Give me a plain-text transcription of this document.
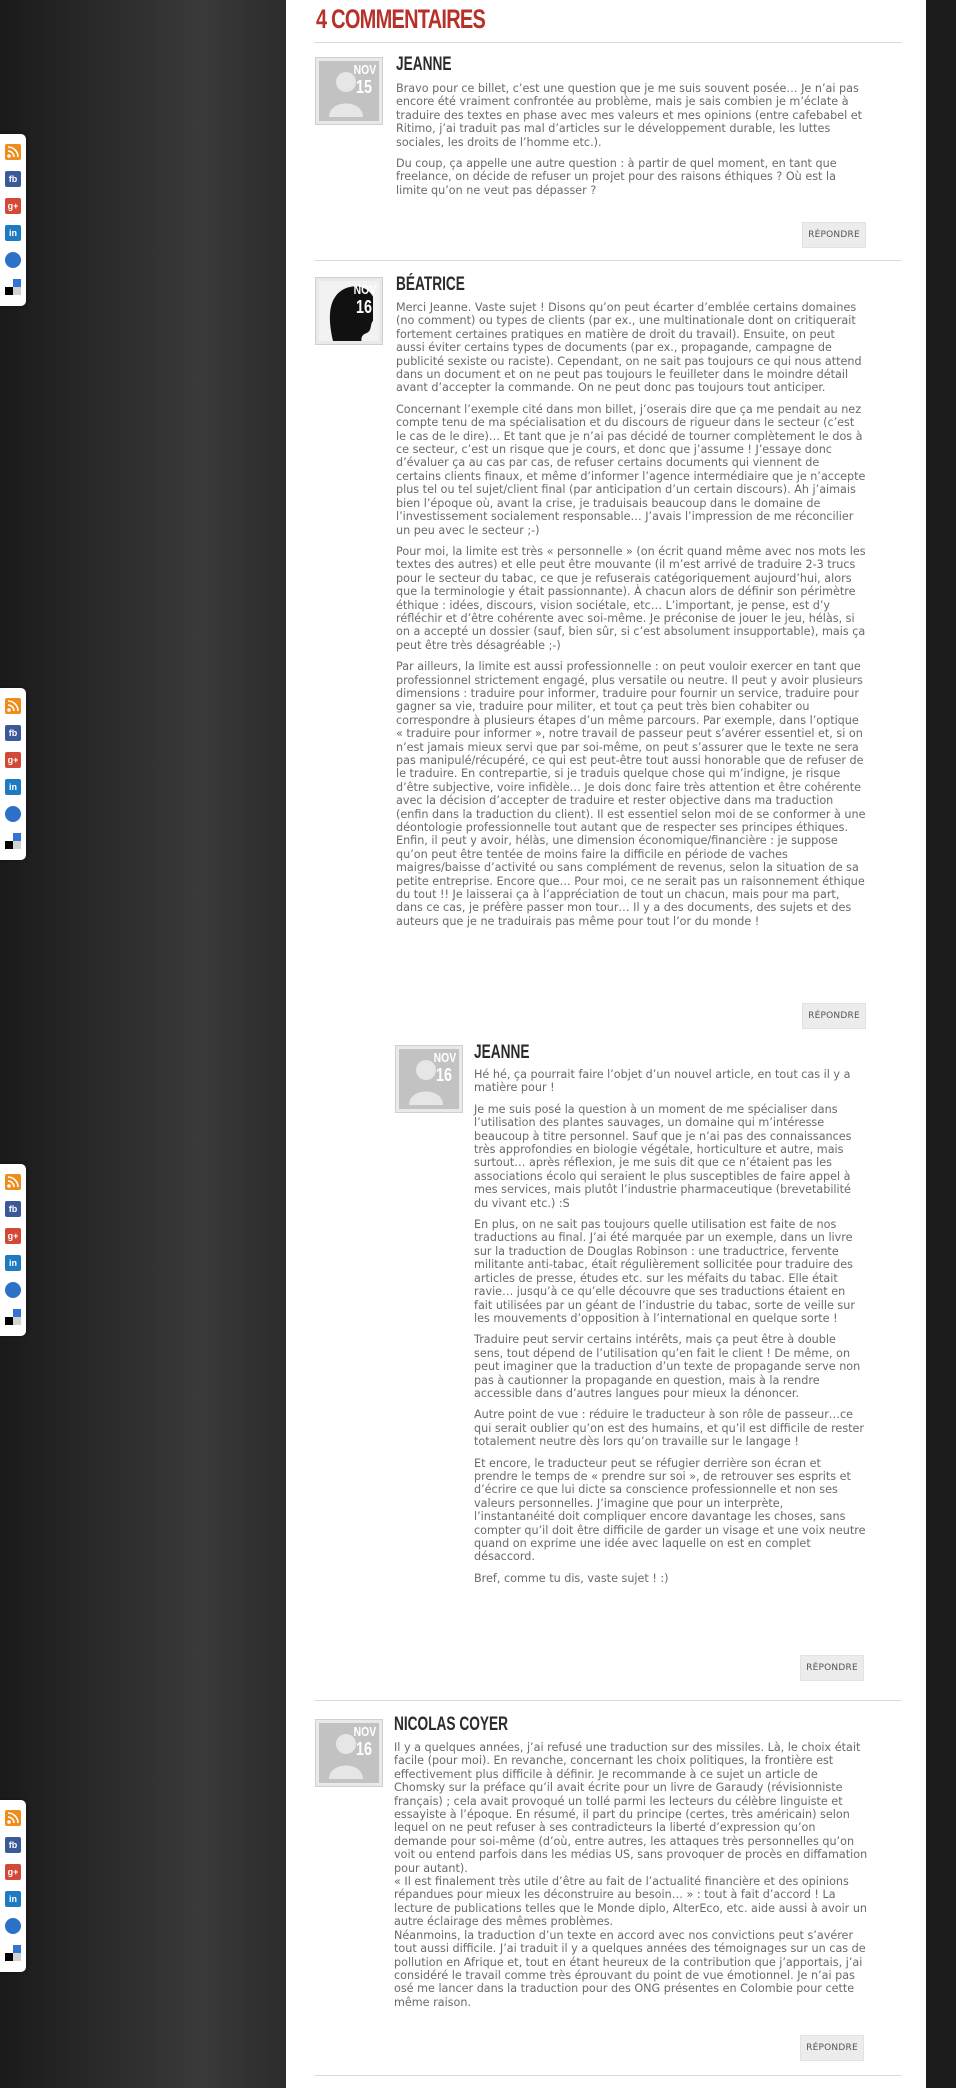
fb
g+
in
fb
g+
in
fb
g+
in
fb
g+
in
4 COMMENTAIRES
NOV
15
JEANNE

Bravo pour ce billet, c’est une question que je me suis souvent posée… Je n’ai pas encore été vraiment confrontée au problème, mais je sais combien je m’éclate à traduire des textes en phase avec mes valeurs et mes opinions (entre cafebabel et Ritimo, j’ai traduit pas mal d’articles sur le développement durable, les luttes sociales, les droits de l’homme etc.).

Du coup, ça appelle une autre question : à partir de quel moment, en tant que freelance, on décide de refuser un projet pour des raisons éthiques ? Où est la limite qu’on ne veut pas dépasser ?

RÉPONDRE
NOV
16
BÉATRICE

Merci Jeanne. Vaste sujet ! Disons qu’on peut écarter d’emblée certains domaines (no comment) ou types de clients (par ex., une multinationale dont on critiquerait fortement certaines pratiques en matière de droit du travail). Ensuite, on peut aussi éviter certains types de documents (par ex., propagande, campagne de publicité sexiste ou raciste). Cependant, on ne sait pas toujours ce qui nous attend dans un document et on ne peut pas toujours le feuilleter dans le moindre détail avant d’accepter la commande. On ne peut donc pas toujours tout anticiper.

Concernant l’exemple cité dans mon billet, j’oserais dire que ça me pendait au nez compte tenu de ma spécialisation et du discours de rigueur dans le secteur (c’est le cas de le dire)… Et tant que je n’ai pas décidé de tourner complètement le dos à ce secteur, c’est un risque que je cours, et donc que j’assume ! J’essaye donc d’évaluer ça au cas par cas, de refuser certains documents qui viennent de certains clients finaux, et même d’informer l’agence intermédiaire que je n’accepte plus tel ou tel sujet/client final (par anticipation d’un certain discours). Ah j’aimais bien l’époque où, avant la crise, je traduisais beaucoup dans le domaine de l’investissement socialement responsable… J’avais l’impression de me réconcilier un peu avec le secteur ;-)

Pour moi, la limite est très « personnelle » (on écrit quand même avec nos mots les textes des autres) et elle peut être mouvante (il m’est arrivé de traduire 2-3 trucs pour le secteur du tabac, ce que je refuserais catégoriquement aujourd’hui, alors que la terminologie y était passionnante). À chacun alors de définir son périmètre éthique : idées, discours, vision sociétale, etc… L’important, je pense, est d’y réfléchir et d’être cohérente avec soi-même. Je préconise de jouer le jeu, hélàs, si on a accepté un dossier (sauf, bien sûr, si c’est absolument insupportable), mais ça peut être très désagréable ;-)

Par ailleurs, la limite est aussi professionnelle : on peut vouloir exercer en tant que professionnel strictement engagé, plus versatile ou neutre. Il peut y avoir plusieurs dimensions : traduire pour informer, traduire pour fournir un service, traduire pour gagner sa vie, traduire pour militer, et tout ça peut très bien cohabiter ou correspondre à plusieurs étapes d’un même parcours. Par exemple, dans l’optique « traduire pour informer », notre travail de passeur peut s’avérer essentiel et, si on n’est jamais mieux servi que par soi-même, on peut s’assurer que le texte ne sera pas manipulé/récupéré, ce qui est peut-être tout aussi honorable que de refuser de le traduire. En contrepartie, si je traduis quelque chose qui m’indigne, je risque d’être subjective, voire infidèle… Je dois donc faire très attention et être cohérente avec la décision d’accepter de traduire et rester objective dans ma traduction (enfin dans la traduction du client). Il est essentiel selon moi de se conformer à une déontologie professionnelle tout autant que de respecter ses principes éthiques. Enfin, il peut y avoir, hélàs, une dimension économique/financière : je suppose qu’on peut être tentée de moins faire la difficile en période de vaches maigres/baisse d’activité ou sans complément de revenus, selon la situation de sa petite entreprise. Encore que… Pour moi, ce ne serait pas un raisonnement éthique du tout !! Je laisserai ça à l’appréciation de tout un chacun, mais pour ma part, dans ce cas, je préfère passer mon tour… Il y a des documents, des sujets et des auteurs que je ne traduirais pas même pour tout l’or du monde !

RÉPONDRE
NOV
16
JEANNE

Hé hé, ça pourrait faire l’objet d’un nouvel article, en tout cas il y a matière pour !

Je me suis posé la question à un moment de me spécialiser dans l’utilisation des plantes sauvages, un domaine qui m’intéresse beaucoup à titre personnel. Sauf que je n’ai pas des connaissances très approfondies en biologie végétale, horticulture et autre, mais surtout… après réflexion, je me suis dit que ce n’étaient pas les associations écolo qui seraient le plus susceptibles de faire appel à mes services, mais plutôt l’industrie pharmaceutique (brevetabilité du vivant etc.) :S

En plus, on ne sait pas toujours quelle utilisation est faite de nos traductions au final. J’ai été marquée par un exemple, dans un livre sur la traduction de Douglas Robinson : une traductrice, fervente militante anti-tabac, était régulièrement sollicitée pour traduire des articles de presse, études etc. sur les méfaits du tabac. Elle était ravie… jusqu’à ce qu’elle découvre que ses traductions étaient en fait utilisées par un géant de l’industrie du tabac, sorte de veille sur les mouvements d’opposition à l’international en quelque sorte !

Traduire peut servir certains intérêts, mais ça peut être à double sens, tout dépend de l’utilisation qu’en fait le client ! De même, on peut imaginer que la traduction d’un texte de propagande serve non pas à cautionner la propagande en question, mais à la rendre accessible dans d’autres langues pour mieux la dénoncer.

Autre point de vue : réduire le traducteur à son rôle de passeur…ce qui serait oublier qu’on est des humains, et qu’il est difficile de rester totalement neutre dès lors qu’on travaille sur le langage !

Et encore, le traducteur peut se réfugier derrière son écran et prendre le temps de « prendre sur soi », de retrouver ses esprits et d’écrire ce que lui dicte sa conscience professionnelle et non ses valeurs personnelles. J’imagine que pour un interprète, l’instantanéité doit compliquer encore davantage les choses, sans compter qu’il doit être difficile de garder un visage et une voix neutre quand on exprime une idée avec laquelle on est en complet désaccord.

Bref, comme tu dis, vaste sujet ! :)

RÉPONDRE
NOV
16
NICOLAS COYER

Il y a quelques années, j’ai refusé une traduction sur des missiles. Là, le choix était facile (pour moi). En revanche, concernant les choix politiques, la frontière est effectivement plus difficile à définir. Je recommande à ce sujet un article de Chomsky sur la préface qu’il avait écrite pour un livre de Garaudy (révisionniste français) ; cela avait provoqué un tollé parmi les lecteurs du célèbre linguiste et essayiste à l’époque. En résumé, il part du principe (certes, très américain) selon lequel on ne peut refuser à ses contradicteurs la liberté d’expression qu’on demande pour soi-même (d’où, entre autres, les attaques très personnelles qu’on voit ou entend parfois dans les médias US, sans provoquer de procès en diffamation pour autant).

« Il est finalement très utile d’être au fait de l’actualité financière et des opinions répandues pour mieux les déconstruire au besoin… » : tout à fait d’accord ! La lecture de publications telles que le Monde diplo, AlterEco, etc. aide aussi à avoir un autre éclairage des mêmes problèmes.

Néanmoins, la traduction d’un texte en accord avec nos convictions peut s’avérer tout aussi difficile. J’ai traduit il y a quelques années des témoignages sur un cas de pollution en Afrique et, tout en étant heureux de la contribution que j’apportais, j’ai considéré le travail comme très éprouvant du point de vue émotionnel. Je n’ai pas osé me lancer dans la traduction pour des ONG présentes en Colombie pour cette même raison.

RÉPONDRE
